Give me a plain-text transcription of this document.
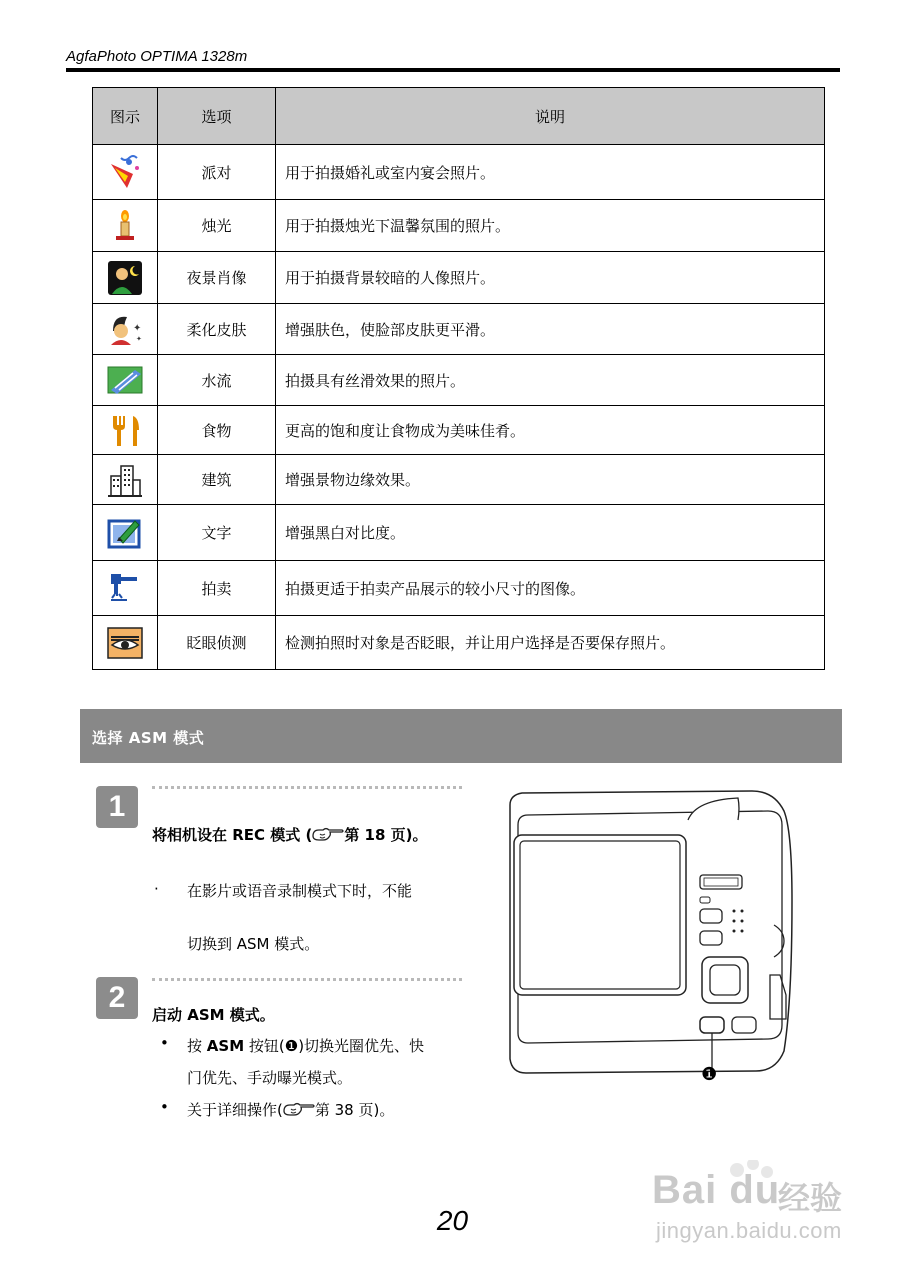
AgfaPhoto OPTIMA 1328m
图示	选项	说明
	派对	用于拍摄婚礼或室内宴会照片。
	烛光	用于拍摄烛光下温馨氛围的照片。
	夜景肖像	用于拍摄背景较暗的人像照片。

✦
✦	柔化皮肤	增强肤色，使脸部皮肤更平滑。
	水流	拍摄具有丝滑效果的照片。
	食物	更高的饱和度让食物成为美味佳肴。
	建筑	增强景物边缘效果。
	文字	增强黑白对比度。
	拍卖	拍摄更适于拍卖产品展示的较小尺寸的图像。
	眨眼侦测	检测拍照时对象是否眨眼，并让用户选择是否要保存照片。
选择 ASM 模式
1
将相机设在 REC 模式 ( 第 18 页)。
· 在影片或语音录制模式下时，不能
切换到 ASM 模式。
2
启动 ASM 模式。
• 按 ASM 按钮(❶)切换光圈优先、快
门优先、手动曝光模式。
• 关于详细操作( 第 38 页)。
❶
20
Bai du
经验
jingyan.baidu.com
